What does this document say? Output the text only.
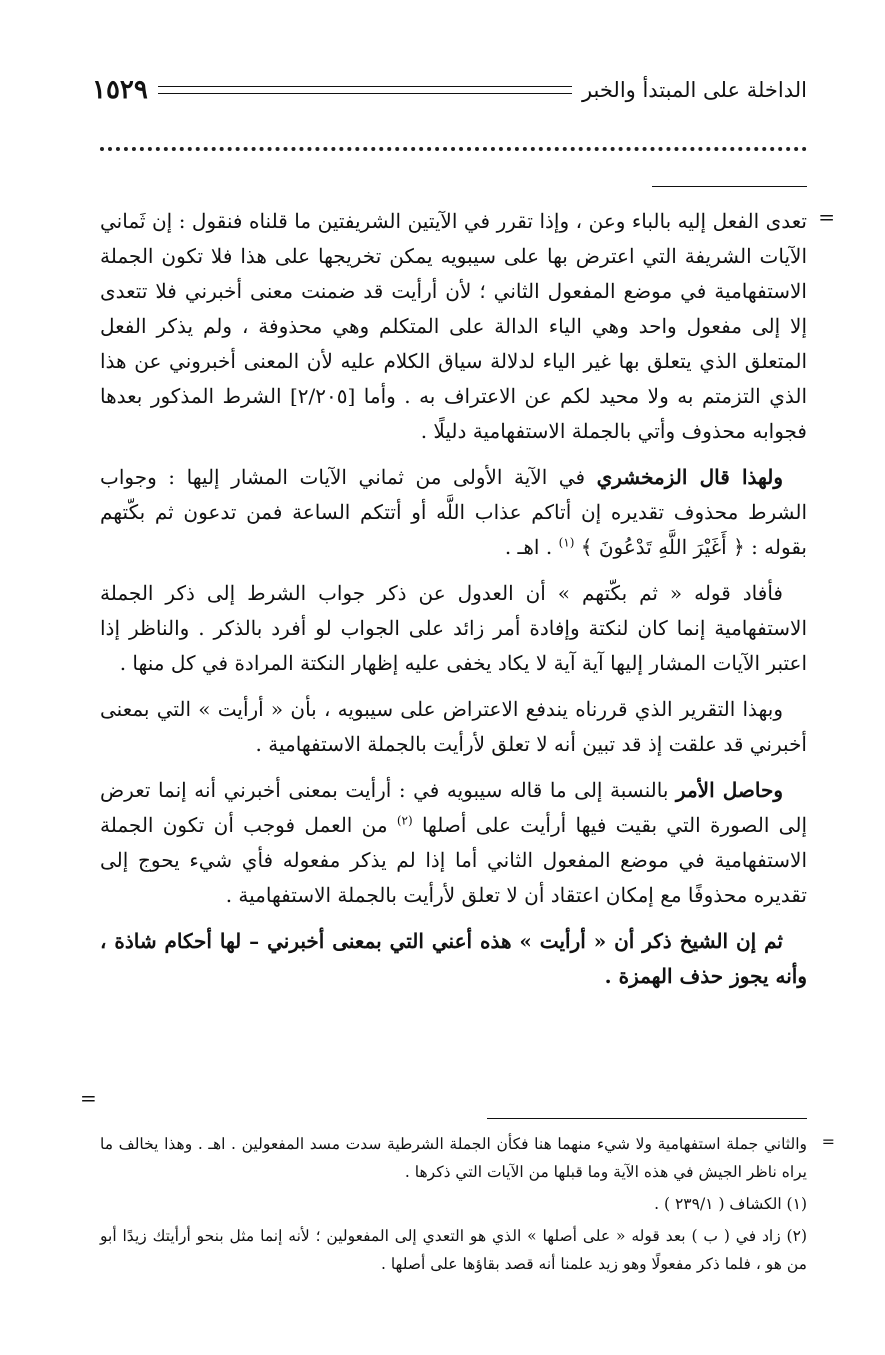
الداخلة على المبتدأ والخبر
١٥٢٩
=

تعدى الفعل إليه بالباء وعن ، وإذا تقرر في الآيتين الشريفتين ما قلناه فنقول : إن ثَماني الآيات الشريفة التي اعترض بها على سيبويه يمكن تخريجها على هذا فلا تكون الجملة الاستفهامية في موضع المفعول الثاني ؛ لأن أرأيت قد ضمنت معنى أخبرني فلا تتعدى إلا إلى مفعول واحد وهي الياء الدالة على المتكلم وهي محذوفة ، ولم يذكر الفعل المتعلق الذي يتعلق بها غير الياء لدلالة سياق الكلام عليه لأن المعنى أخبروني عن هذا الذي التزمتم به ولا محيد لكم عن الاعتراف به . وأما [٢/٢٠٥] الشرط المذكور بعدها فجوابه محذوف وأتي بالجملة الاستفهامية دليلًا .

ولهذا قال الزمخشري في الآية الأولى من ثماني الآيات المشار إليها : وجواب الشرط محذوف تقديره إن أتاكم عذاب اللَّه أو أتتكم الساعة فمن تدعون ثم بكّتهم بقوله : ﴿ أَغَيْرَ اللَّهِ تَدْعُونَ ﴾ $^{(١)}$ . اهـ .

فأفاد قوله « ثم بكّتهم » أن العدول عن ذكر جواب الشرط إلى ذكر الجملة الاستفهامية إنما كان لنكتة وإفادة أمر زائد على الجواب لو أفرد بالذكر . والناظر إذا اعتبر الآيات المشار إليها آية آية لا يكاد يخفى عليه إظهار النكتة المرادة في كل منها .

وبهذا التقرير الذي قررناه يندفع الاعتراض على سيبويه ، بأن « أرأيت » التي بمعنى أخبرني قد علقت إذ قد تبين أنه لا تعلق لأرأيت بالجملة الاستفهامية .

وحاصل الأمر بالنسبة إلى ما قاله سيبويه في : أرأيت بمعنى أخبرني أنه إنما تعرض إلى الصورة التي بقيت فيها أرأيت على أصلها $^{(٢)}$ من العمل فوجب أن تكون الجملة الاستفهامية في موضع المفعول الثاني أما إذا لم يذكر مفعوله فأي شيء يحوج إلى تقديره محذوفًا مع إمكان اعتقاد أن لا تعلق لأرأيت بالجملة الاستفهامية .

ثم إن الشيخ ذكر أن « أرأيت » هذه أعني التي بمعنى أخبرني – لها أحكام شاذة ، وأنه يجوز حذف الهمزة .

=
=

والثاني جملة استفهامية ولا شيء منهما هنا فكأن الجملة الشرطية سدت مسد المفعولين . اهـ . وهذا يخالف ما يراه ناظر الجيش في هذه الآية وما قبلها من الآيات التي ذكرها .

(١) الكشاف ( ٢٣٩/١ ) .

(٢) زاد في ( ب ) بعد قوله « على أصلها » الذي هو التعدي إلى المفعولين ؛ لأنه إنما مثل بنحو أرأيتك زيدًا أبو من هو ، فلما ذكر مفعولًا وهو زيد علمنا أنه قصد بقاؤها على أصلها .
